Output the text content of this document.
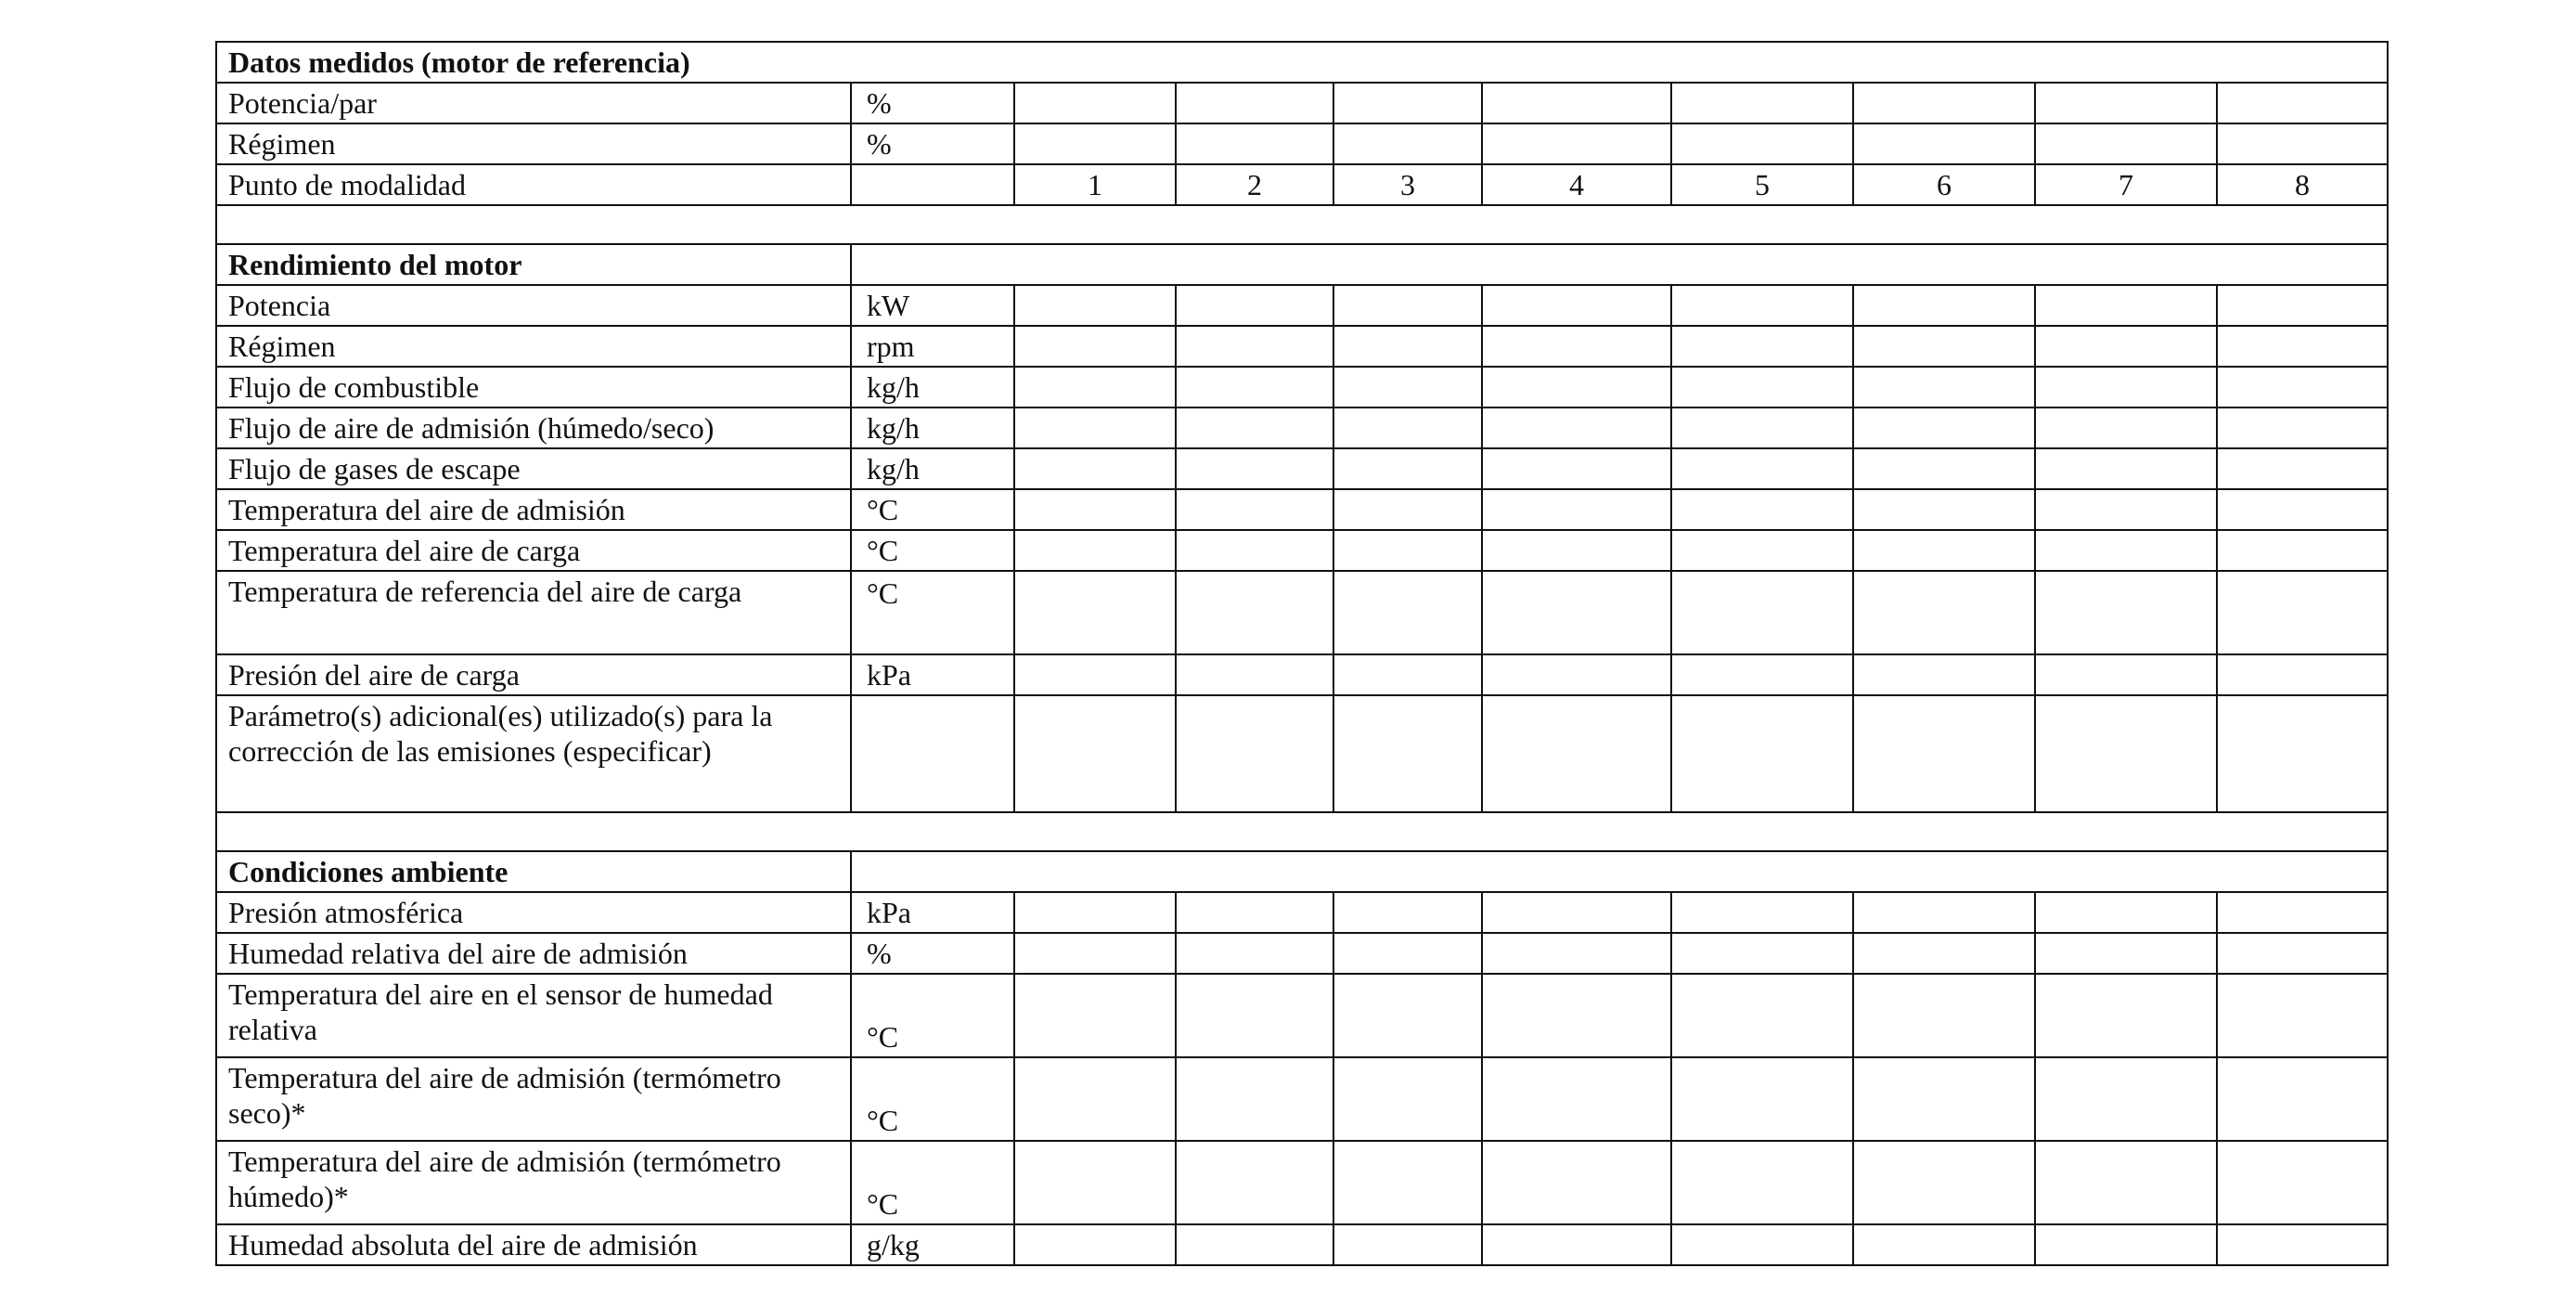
Datos medidos (motor de referencia)									
Potencia/par	%								
Régimen	%								
Punto de modalidad		1	2	3	4	5	6	7	8

Rendimiento del motor									
Potencia	kW								
Régimen	rpm								
Flujo de combustible	kg/h								
Flujo de aire de admisión (húmedo/seco)	kg/h								
Flujo de gases de escape	kg/h								
Temperatura del aire de admisión	°C								
Temperatura del aire de carga	°C								
Temperatura de referencia del aire de carga	°C								
Presión del aire de carga	kPa								
Parámetro(s) adicional(es) utilizado(s) para la corrección de las emisiones (especificar)									

Condiciones ambiente									
Presión atmosférica	kPa								
Humedad relativa del aire de admisión	%								
Temperatura del aire en el sensor de humedad relativa	°C								
Temperatura del aire de admisión (termómetro seco)*	°C								
Temperatura del aire de admisión (termómetro húmedo)*	°C								
Humedad absoluta del aire de admisión	g/kg								
